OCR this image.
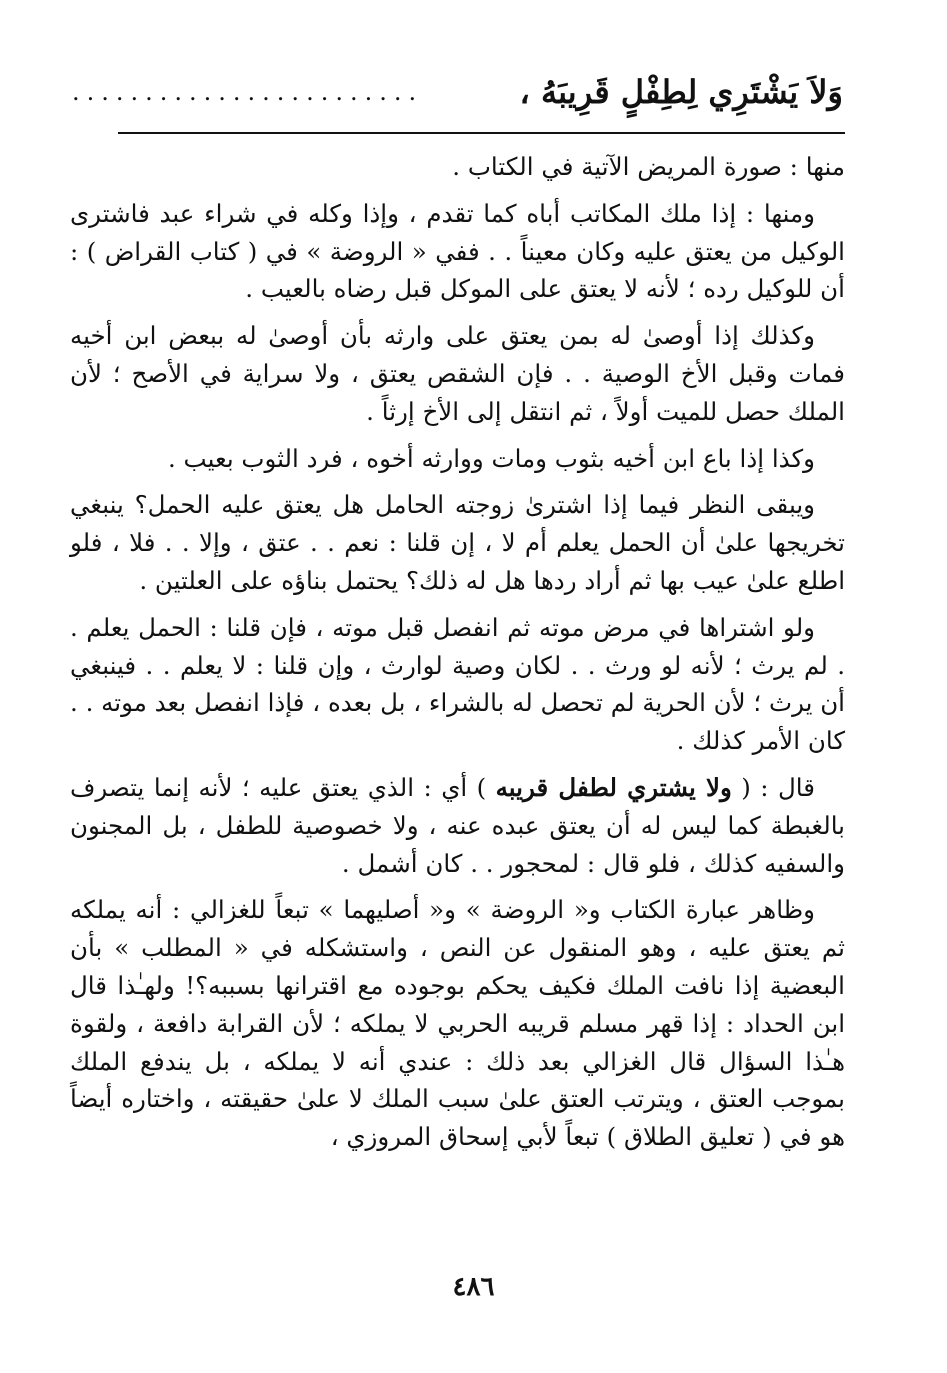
وَلاَ يَشْتَرِي لِطِفْلٍ قَرِيبَهُ ،
........................

منها : صورة المريض الآتية في الكتاب .

ومنها : إذا ملك المكاتب أباه كما تقدم ، وإذا وكله في شراء عبد فاشترى الوكيل من يعتق عليه وكان معيناً . . ففي « الروضة » في ( كتاب القراض ) : أن للوكيل رده ؛ لأنه لا يعتق على الموكل قبل رضاه بالعيب .

وكذلك إذا أوصىٰ له بمن يعتق على وارثه بأن أوصىٰ له ببعض ابن أخيه فمات وقبل الأخ الوصية . . فإن الشقص يعتق ، ولا سراية في الأصح ؛ لأن الملك حصل للميت أولاً ، ثم انتقل إلى الأخ إرثاً .

وكذا إذا باع ابن أخيه بثوب ومات ووارثه أخوه ، فرد الثوب بعيب .

ويبقى النظر فيما إذا اشترىٰ زوجته الحامل هل يعتق عليه الحمل؟ ينبغي تخريجها علىٰ أن الحمل يعلم أم لا ، إن قلنا : نعم . . عتق ، وإلا . . فلا ، فلو اطلع علىٰ عيب بها ثم أراد ردها هل له ذلك؟ يحتمل بناؤه على العلتين .

ولو اشتراها في مرض موته ثم انفصل قبل موته ، فإن قلنا : الحمل يعلم . . لم يرث ؛ لأنه لو ورث . . لكان وصية لوارث ، وإن قلنا : لا يعلم . . فينبغي أن يرث ؛ لأن الحرية لم تحصل له بالشراء ، بل بعده ، فإذا انفصل بعد موته . . كان الأمر كذلك .

قال : ( ولا يشتري لطفل قريبه ) أي : الذي يعتق عليه ؛ لأنه إنما يتصرف بالغبطة كما ليس له أن يعتق عبده عنه ، ولا خصوصية للطفل ، بل المجنون والسفيه كذلك ، فلو قال : لمحجور . . كان أشمل .

وظاهر عبارة الكتاب و« الروضة » و« أصليهما » تبعاً للغزالي : أنه يملكه ثم يعتق عليه ، وهو المنقول عن النص ، واستشكله في « المطلب » بأن البعضية إذا نافت الملك فكيف يحكم بوجوده مع اقترانها بسببه؟! ولهـٰذا قال ابن الحداد : إذا قهر مسلم قريبه الحربي لا يملكه ؛ لأن القرابة دافعة ، ولقوة هـٰذا السؤال قال الغزالي بعد ذلك : عندي أنه لا يملكه ، بل يندفع الملك بموجب العتق ، ويترتب العتق علىٰ سبب الملك لا علىٰ حقيقته ، واختاره أيضاً هو في ( تعليق الطلاق ) تبعاً لأبي إسحاق المروزي ،

٤٨٦
